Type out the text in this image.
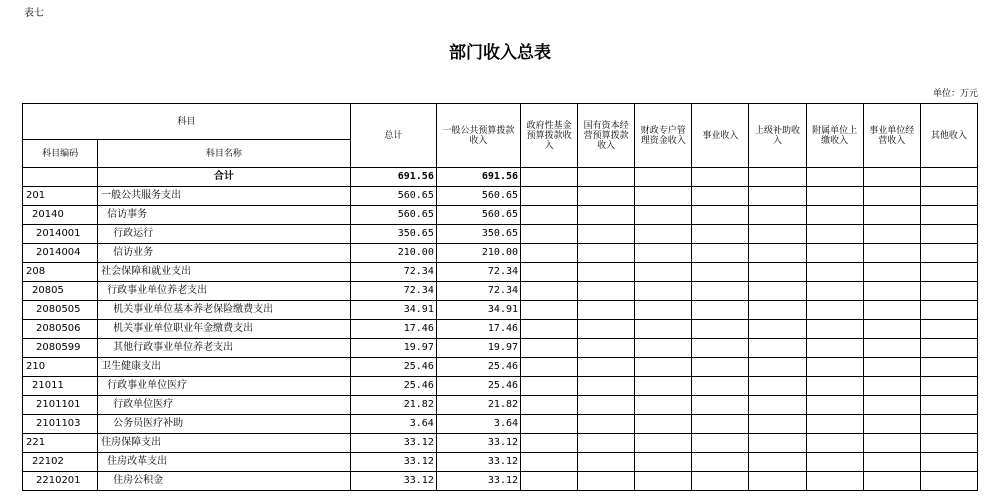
表七
部门收入总表
单位：万元
科目		总计	一般公共预算拨款收入	政府性基金预算拨款收入	国有资本经营预算拨款收入	财政专户管理资金收入	事业收入	上级补助收入	附属单位上缴收入	事业单位经营收入	其他收入
科目编码	科目名称										
	合计	691.56	691.56								
201	一般公共服务支出	560.65	560.65								
20140	信访事务	560.65	560.65								
2014001	行政运行	350.65	350.65								
2014004	信访业务	210.00	210.00								
208	社会保障和就业支出	72.34	72.34								
20805	行政事业单位养老支出	72.34	72.34								
2080505	机关事业单位基本养老保险缴费支出	34.91	34.91								
2080506	机关事业单位职业年金缴费支出	17.46	17.46								
2080599	其他行政事业单位养老支出	19.97	19.97								
210	卫生健康支出	25.46	25.46								
21011	行政事业单位医疗	25.46	25.46								
2101101	行政单位医疗	21.82	21.82								
2101103	公务员医疗补助	3.64	3.64								
221	住房保障支出	33.12	33.12								
22102	住房改革支出	33.12	33.12								
2210201	住房公积金	33.12	33.12								
